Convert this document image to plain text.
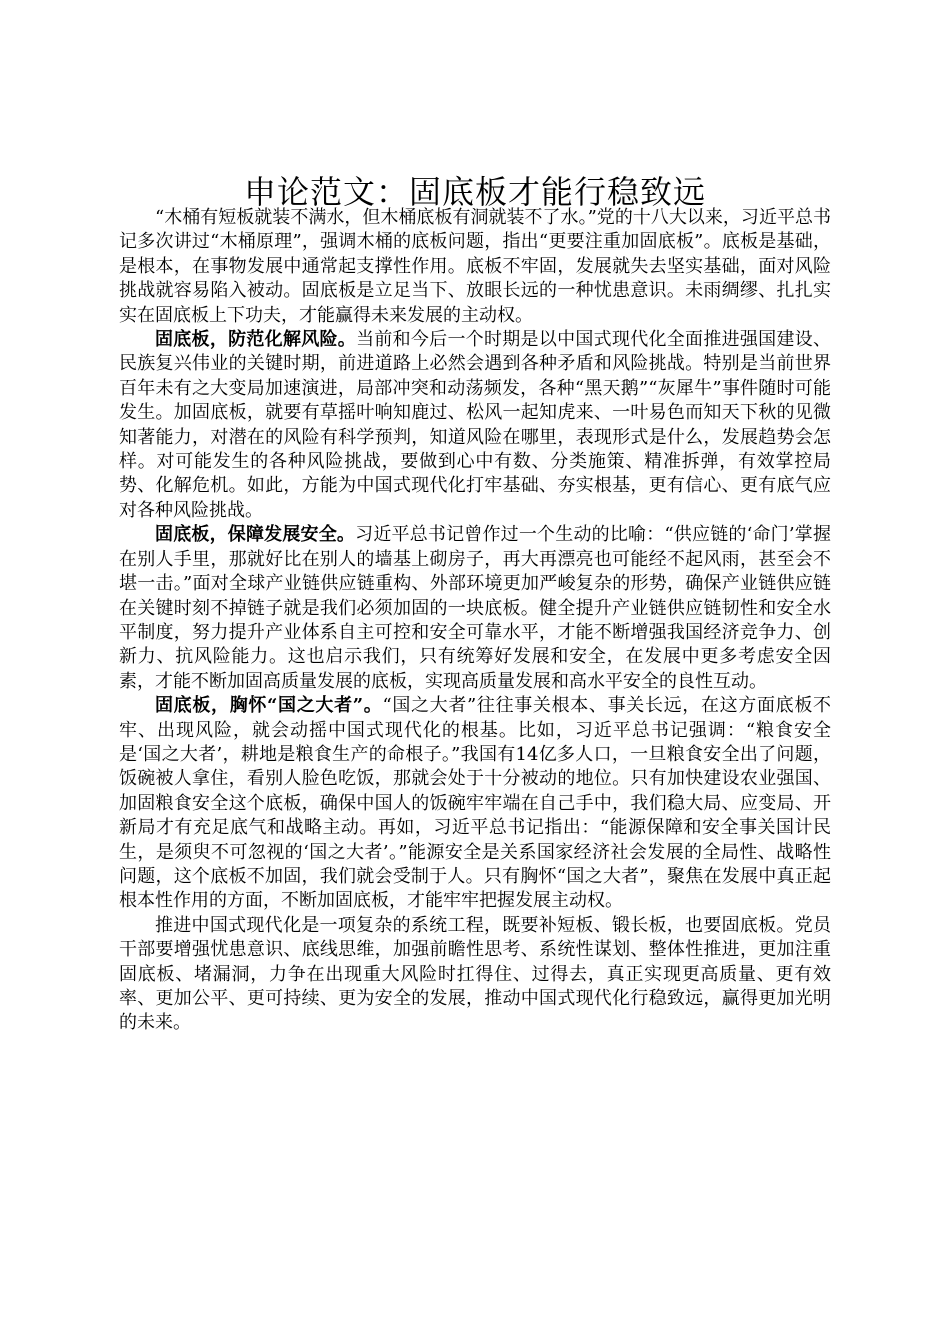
申论范文：固底板才能行稳致远

“木桶有短板就装不满水，但木桶底板有洞就装不了水。”党的十八大以来，习近平总书记多次讲过“木桶原理”，强调木桶的底板问题，指出“更要注重加固底板”。底板是基础，是根本，在事物发展中通常起支撑性作用。底板不牢固，发展就失去坚实基础，面对风险挑战就容易陷入被动。固底板是立足当下、放眼长远的一种忧患意识。未雨绸缪、扎扎实实在固底板上下功夫，才能赢得未来发展的主动权。

固底板，防范化解风险。当前和今后一个时期是以中国式现代化全面推进强国建设、民族复兴伟业的关键时期，前进道路上必然会遇到各种矛盾和风险挑战。特别是当前世界百年未有之大变局加速演进，局部冲突和动荡频发，各种“黑天鹅”“灰犀牛”事件随时可能发生。加固底板，就要有草摇叶响知鹿过、松风一起知虎来、一叶易色而知天下秋的见微知著能力，对潜在的风险有科学预判，知道风险在哪里，表现形式是什么，发展趋势会怎样。对可能发生的各种风险挑战，要做到心中有数、分类施策、精准拆弹，有效掌控局势、化解危机。如此，方能为中国式现代化打牢基础、夯实根基，更有信心、更有底气应对各种风险挑战。

固底板，保障发展安全。习近平总书记曾作过一个生动的比喻：“供应链的‘命门’掌握在别人手里，那就好比在别人的墙基上砌房子，再大再漂亮也可能经不起风雨，甚至会不堪一击。”面对全球产业链供应链重构、外部环境更加严峻复杂的形势，确保产业链供应链在关键时刻不掉链子就是我们必须加固的一块底板。健全提升产业链供应链韧性和安全水平制度，努力提升产业体系自主可控和安全可靠水平，才能不断增强我国经济竞争力、创新力、抗风险能力。这也启示我们，只有统筹好发展和安全，在发展中更多考虑安全因素，才能不断加固高质量发展的底板，实现高质量发展和高水平安全的良性互动。

固底板，胸怀“国之大者”。“国之大者”往往事关根本、事关长远，在这方面底板不牢、出现风险，就会动摇中国式现代化的根基。比如，习近平总书记强调：“粮食安全是‘国之大者’，耕地是粮食生产的命根子。”我国有14亿多人口，一旦粮食安全出了问题，饭碗被人拿住，看别人脸色吃饭，那就会处于十分被动的地位。只有加快建设农业强国、加固粮食安全这个底板，确保中国人的饭碗牢牢端在自己手中，我们稳大局、应变局、开新局才有充足底气和战略主动。再如，习近平总书记指出：“能源保障和安全事关国计民生，是须臾不可忽视的‘国之大者’。”能源安全是关系国家经济社会发展的全局性、战略性问题，这个底板不加固，我们就会受制于人。只有胸怀“国之大者”，聚焦在发展中真正起根本性作用的方面，不断加固底板，才能牢牢把握发展主动权。

推进中国式现代化是一项复杂的系统工程，既要补短板、锻长板，也要固底板。党员干部要增强忧患意识、底线思维，加强前瞻性思考、系统性谋划、整体性推进，更加注重固底板、堵漏洞，力争在出现重大风险时扛得住、过得去，真正实现更高质量、更有效率、更加公平、更可持续、更为安全的发展，推动中国式现代化行稳致远，赢得更加光明的未来。
